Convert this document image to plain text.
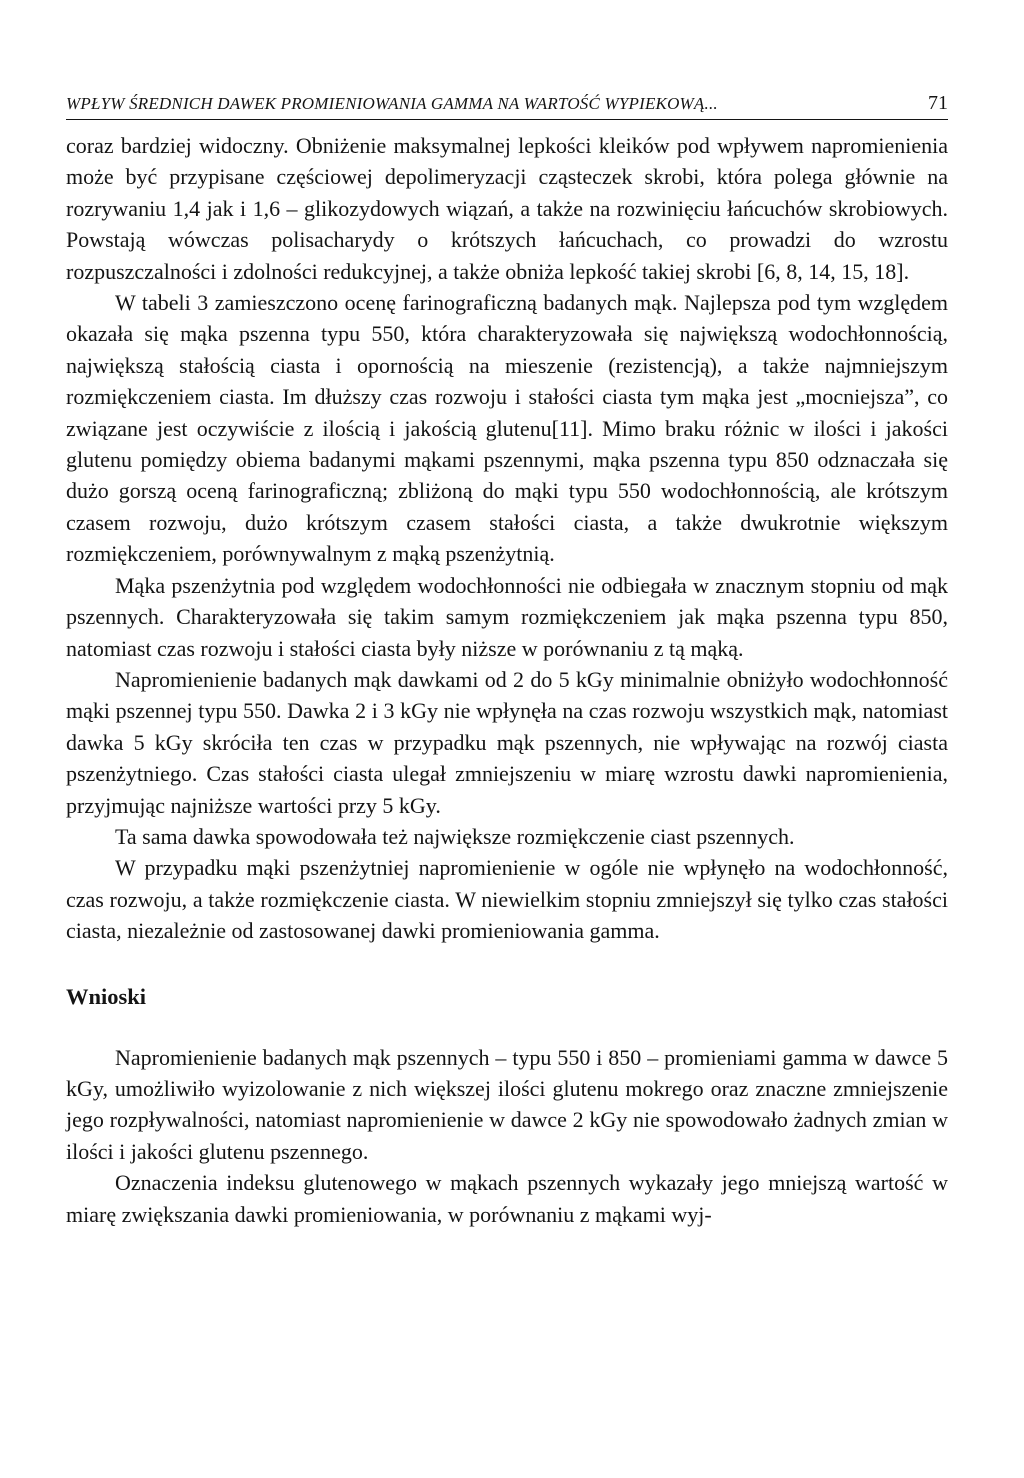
WPŁYW ŚREDNICH DAWEK PROMIENIOWANIA GAMMA NA WARTOŚĆ WYPIEKOWĄ...	71

coraz bardziej widoczny. Obniżenie maksymalnej lepkości kleików pod wpływem napromienienia może być przypisane częściowej depolimeryzacji cząsteczek skrobi, która polega głównie na rozrywaniu 1,4 jak i 1,6 – glikozydowych wiązań, a także na rozwinięciu łańcuchów skrobiowych. Powstają wówczas polisacharydy o krótszych łańcuchach, co prowadzi do wzrostu rozpuszczalności i zdolności redukcyjnej, a także obniża lepkość takiej skrobi [6, 8, 14, 15, 18].

W tabeli 3 zamieszczono ocenę farinograficzną badanych mąk. Najlepsza pod tym względem okazała się mąka pszenna typu 550, która charakteryzowała się największą wodochłonnością, największą stałością ciasta i opornością na mieszenie (rezistencją), a także najmniejszym rozmiękczeniem ciasta. Im dłuższy czas rozwoju i stałości ciasta tym mąka jest „mocniejsza”, co związane jest oczywiście z ilością i jakością glutenu[11]. Mimo braku różnic w ilości i jakości glutenu pomiędzy obiema badanymi mąkami pszennymi, mąka pszenna typu 850 odznaczała się dużo gorszą oceną farinograficzną; zbliżoną do mąki typu 550 wodochłonnością, ale krótszym czasem rozwoju, dużo krótszym czasem stałości ciasta, a także dwukrotnie większym rozmiękczeniem, porównywalnym z mąką pszenżytnią.

Mąka pszenżytnia pod względem wodochłonności nie odbiegała w znacznym stopniu od mąk pszennych. Charakteryzowała się takim samym rozmiękczeniem jak mąka pszenna typu 850, natomiast czas rozwoju i stałości ciasta były niższe w porównaniu z tą mąką.

Napromienienie badanych mąk dawkami od 2 do 5 kGy minimalnie obniżyło wodochłonność mąki pszennej typu 550. Dawka 2 i 3 kGy nie wpłynęła na czas rozwoju wszystkich mąk, natomiast dawka 5 kGy skróciła ten czas w przypadku mąk pszennych, nie wpływając na rozwój ciasta pszenżytniego. Czas stałości ciasta ulegał zmniejszeniu w miarę wzrostu dawki napromienienia, przyjmując najniższe wartości przy 5 kGy.

Ta sama dawka spowodowała też największe rozmiękczenie ciast pszennych.

W przypadku mąki pszenżytniej napromienienie w ogóle nie wpłynęło na wodochłonność, czas rozwoju, a także rozmiękczenie ciasta. W niewielkim stopniu zmniejszył się tylko czas stałości ciasta, niezależnie od zastosowanej dawki promieniowania gamma.

Wnioski

Napromienienie badanych mąk pszennych – typu 550 i 850 – promieniami gamma w dawce 5 kGy, umożliwiło wyizolowanie z nich większej ilości glutenu mokrego oraz znaczne zmniejszenie jego rozpływalności, natomiast napromienienie w dawce 2 kGy nie spowodowało żadnych zmian w ilości i jakości glutenu pszennego.

Oznaczenia indeksu glutenowego w mąkach pszennych wykazały jego mniejszą wartość w miarę zwiększania dawki promieniowania, w porównaniu z mąkami wyj-
